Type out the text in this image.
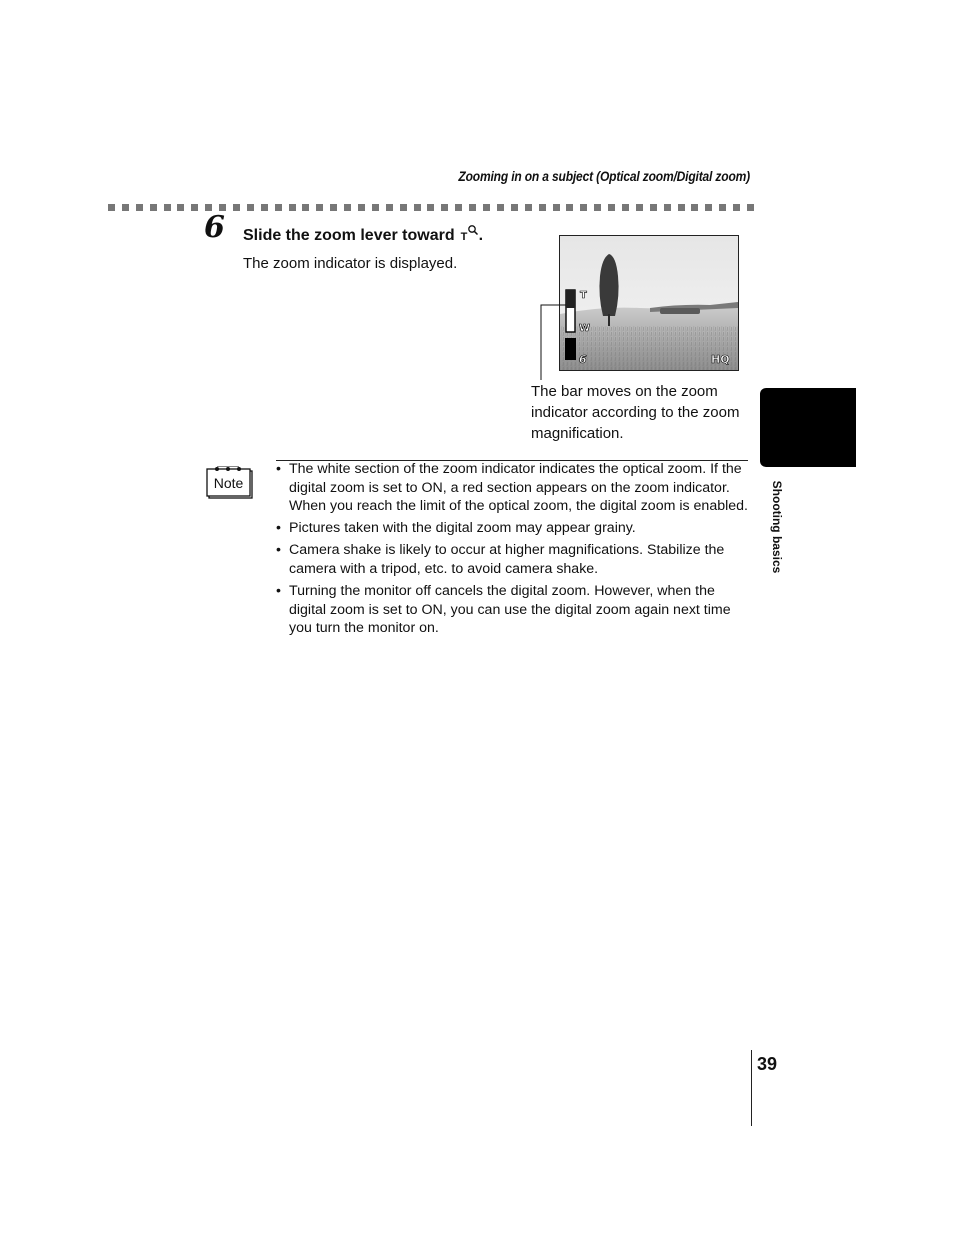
Zooming in on a subject (Optical zoom/Digital zoom)
6 Slide the zoom lever toward T .
The zoom indicator is displayed.
T
W
6	HQ
The bar moves on the zoom indicator according to the zoom magnification.
Shooting basics
Note
• The white section of the zoom indicator indicates the optical zoom. If the digital zoom is set to ON, a red section appears on the zoom indicator. When you reach the limit of the optical zoom, the digital zoom is enabled.
• Pictures taken with the digital zoom may appear grainy.
• Camera shake is likely to occur at higher magnifications. Stabilize the camera with a tripod, etc. to avoid camera shake.
• Turning the monitor off cancels the digital zoom. However, when the digital zoom is set to ON, you can use the digital zoom again next time you turn the monitor on.
39
